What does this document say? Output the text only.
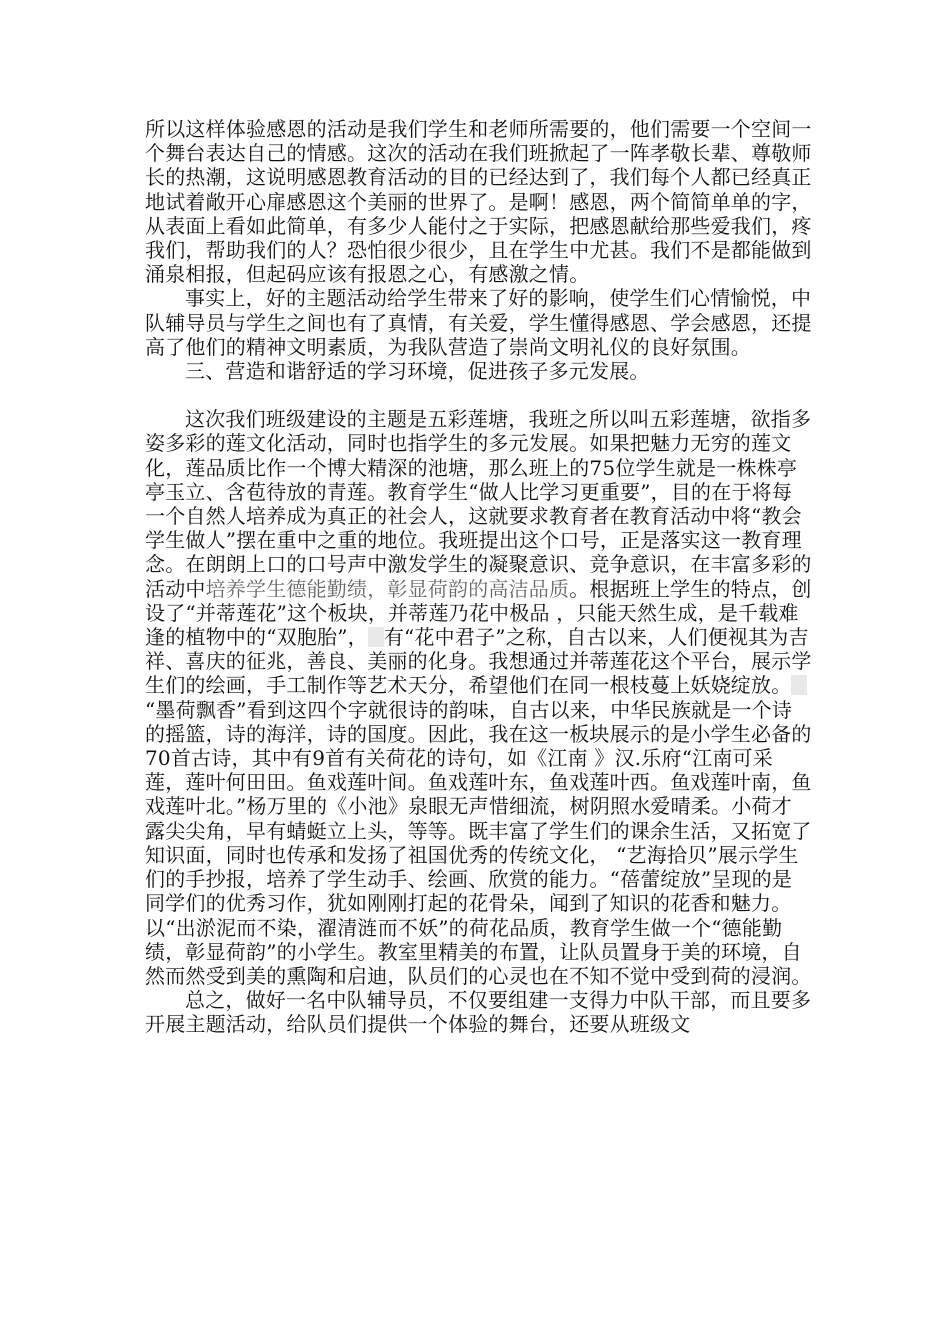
所以这样体验感恩的活动是我们学生和老师所需要的，他们需要一个空间一个舞台表达自己的情感。这次的活动在我们班掀起了一阵孝敬长辈、尊敬师长的热潮，这说明感恩教育活动的目的已经达到了，我们每个人都已经真正地试着敞开心扉感恩这个美丽的世界了。是啊！感恩，两个简简单单的字，从表面上看如此简单，有多少人能付之于实际，把感恩献给那些爱我们，疼我们，帮助我们的人？恐怕很少很少，且在学生中尤甚。我们不是都能做到涌泉相报，但起码应该有报恩之心，有感激之情。

事实上，好的主题活动给学生带来了好的影响，使学生们心情愉悦，中队辅导员与学生之间也有了真情，有关爱，学生懂得感恩、学会感恩，还提高了他们的精神文明素质，为我队营造了崇尚文明礼仪的良好氛围。

三、营造和谐舒适的学习环境，促进孩子多元发展。

这次我们班级建设的主题是五彩莲塘，我班之所以叫五彩莲塘，欲指多姿多彩的莲文化活动，同时也指学生的多元发展。如果把魅力无穷的莲文化，莲品质比作一个博大精深的池塘，那么班上的75位学生就是一株株亭亭玉立、含苞待放的青莲。教育学生“做人比学习更重要”，目的在于将每一个自然人培养成为真正的社会人，这就要求教育者在教育活动中将“教会学生做人”摆在重中之重的地位。我班提出这个口号，正是落实这一教育理念。在朗朗上口的口号声中激发学生的凝聚意识、竞争意识，在丰富多彩的活动中培养学生德能勤绩，彰显荷韵的高洁品质。根据班上学生的特点，创设了“并蒂莲花”这个板块，并蒂莲乃花中极品 ，只能天然生成，是千载难逢的植物中的“双胞胎”， 有“花中君子”之称，自古以来，人们便视其为吉祥、喜庆的征兆，善良、美丽的化身。我想通过并蒂莲花这个平台，展示学生们的绘画，手工制作等艺术天分，希望他们在同一根枝蔓上妖娆绽放。 “墨荷飘香”看到这四个字就很诗的韵味，自古以来，中华民族就是一个诗的摇篮，诗的海洋，诗的国度。因此，我在这一板块展示的是小学生必备的70首古诗，其中有9首有关荷花的诗句，如《江南 》汉.乐府“江南可采莲，莲叶何田田。鱼戏莲叶间。鱼戏莲叶东，鱼戏莲叶西。鱼戏莲叶南，鱼戏莲叶北。”杨万里的《小池》泉眼无声惜细流，树阴照水爱晴柔。小荷才露尖尖角，早有蜻蜓立上头，等等。既丰富了学生们的课余生活，又拓宽了知识面，同时也传承和发扬了祖国优秀的传统文化， “艺海拾贝”展示学生们的手抄报，培养了学生动手、绘画、欣赏的能力。“蓓蕾绽放”呈现的是同学们的优秀习作，犹如刚刚打起的花骨朵，闻到了知识的花香和魅力。以“出淤泥而不染，濯清涟而不妖”的荷花品质，教育学生做一个“德能勤绩，彰显荷韵”的小学生。教室里精美的布置，让队员置身于美的环境，自然而然受到美的熏陶和启迪，队员们的心灵也在不知不觉中受到荷的浸润。

总之，做好一名中队辅导员，不仅要组建一支得力中队干部，而且要多开展主题活动，给队员们提供一个体验的舞台，还要从班级文
